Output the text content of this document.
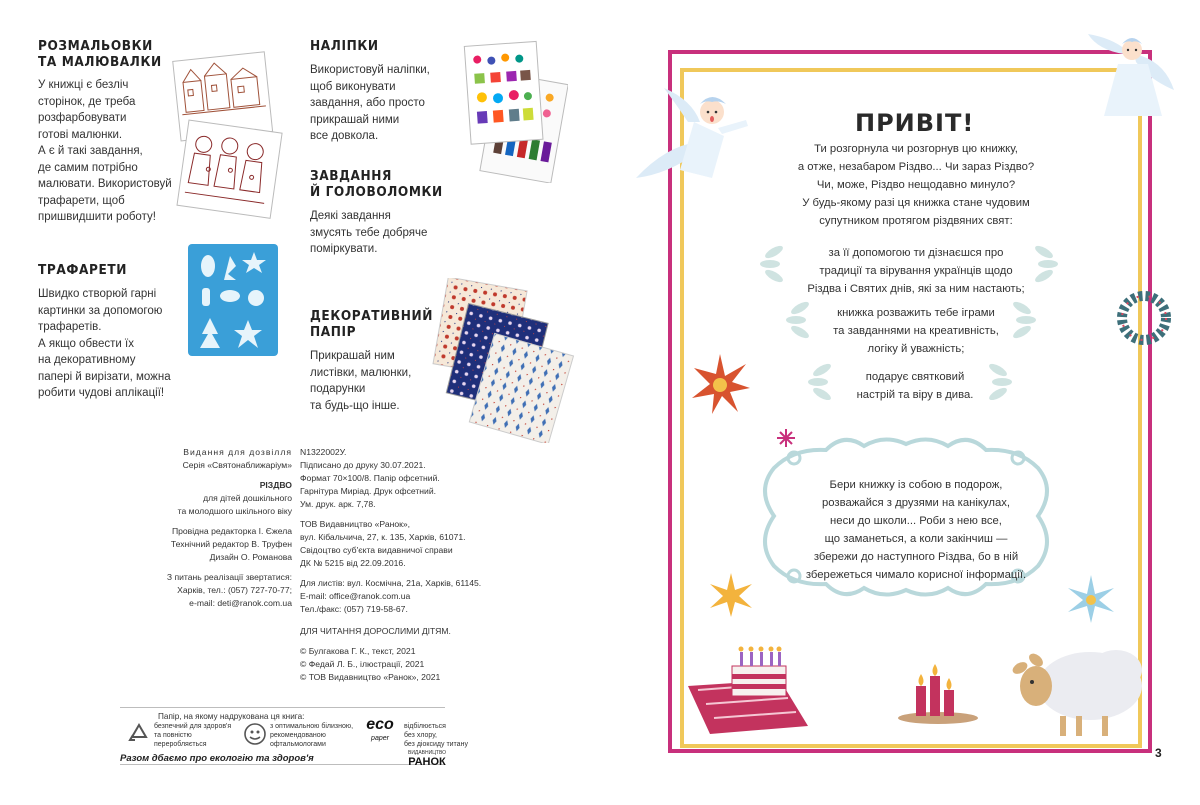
РОЗМАЛЬОВКИ
ТА МАЛЮВАЛКИ
У книжці є безліч
сторінок, де треба
розфарбовувати
готові малюнки.
А є й такі завдання,
де самим потрібно
малювати. Використовуй
трафарети, щоб
пришвидшити роботу!
НАЛІПКИ
Використовуй наліпки,
щоб виконувати
завдання, або просто
прикрашай ними
все довкола.
ЗАВДАННЯ
Й ГОЛОВОЛОМКИ
Деякі завдання
змусять тебе добряче
поміркувати.
ТРАФАРЕТИ
Швидко створюй гарні
картинки за допомогою
трафаретів.
А якщо обвести їх
на декоративному
папері й вирізати, можна
робити чудові аплікації!
ДЕКОРАТИВНИЙ
ПАПІР
Прикрашай ним
листівки, малюнки,
подарунки
та будь-що інше.
Видання для дозвілля
Серія «Святонаближаріум»
РІЗДВО
для дітей дошкільного
та молодшого шкільного віку
Провідна редакторка І. Єжела
Технічний редактор В. Труфен
Дизайн О. Романова
З питань реалізації звертатися:
Харків, тел.: (057) 727-70-77;
e-mail: deti@ranok.com.ua
N1322002У.
Підписано до друку 30.07.2021.
Формат 70×100/8. Папір офсетний.
Гарнітура Миріад. Друк офсетний.
Ум. друк. арк. 7,78.
ТОВ Видавництво «Ранок»,
вул. Кібальчича, 27, к. 135, Харків, 61071.
Свідоцтво суб'єкта видавничої справи
ДК № 5215 від 22.09.2016.
Для листів: вул. Космічна, 21а, Харків, 61145.
E-mail: office@ranok.com.ua
Тел./факс: (057) 719-58-67.
ДЛЯ ЧИТАННЯ ДОРОСЛИМИ ДІТЯМ.
© Булгакова Г. К., текст, 2021
© Федай Л. Б., ілюстрації, 2021
© ТОВ Видавництво «Ранок», 2021
Папір, на якому надрукована ця книга:
безпечний для здоров'я
та повністю
переробляється
з оптимальною білизною,
рекомендованою
офтальмологами
eco
paper
відбілюється
без хлору,
без діоксиду титану
Разом дбаємо про екологію та здоров'я	ВИДАВНИЦТВО
РАНОК
ПРИВІТ!
Ти розгорнула чи розгорнув цю книжку,
а отже, незабаром Різдво... Чи зараз Різдво?
Чи, може, Різдво нещодавно минуло?
У будь-якому разі ця книжка стане чудовим
супутником протягом різдвяних свят:
за її допомогою ти дізнаєшся про
традиції та вірування українців щодо
Різдва і Святих днів, які за ним настають;
книжка розважить тебе іграми
та завданнями на креативність,
логіку й уважність;
подарує святковий
настрій та віру в дива.
Бери книжку із собою в подорож,
розважайся з друзями на канікулах,
неси до школи... Роби з нею все,
що заманеться, а коли закінчиш —
збережи до наступного Різдва, бо в ній
збережеться чимало корисної інформації.
3
